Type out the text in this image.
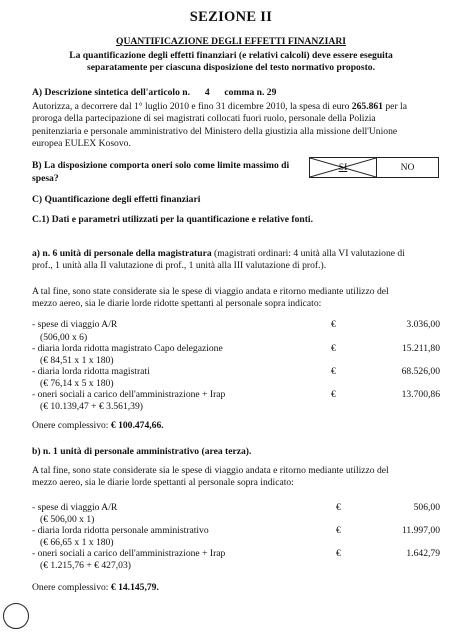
SEZIONE II
QUANTIFICAZIONE DEGLI EFFETTI FINANZIARI
La quantificazione degli effetti finanziari (e relativi calcoli) deve essere eseguita
separatamente per ciascuna disposizione del testo normativo proposto.
A) Descrizione sintetica dell'articolo n. 4 comma n. 29
Autorizza, a decorrere dal 1° luglio 2010 e fino 31 dicembre 2010, la spesa di euro 265.861 per la
proroga della partecipazione di sei magistrati collocati fuori ruolo, personale della Polizia
penitenziaria e personale amministrativo del Ministero della giustizia alla missione dell'Unione
europea EULEX Kosovo.
B) La disposizione comporta oneri solo come limite massimo di
spesa?
SI	NO
C) Quantificazione degli effetti finanziari
C.1) Dati e parametri utilizzati per la quantificazione e relative fonti.
a) n. 6 unità di personale della magistratura (magistrati ordinari: 4 unità alla VI valutazione di
prof., 1 unità alla II valutazione di prof., 1 unità alla III valutazione di prof.).
A tal fine, sono state considerate sia le spese di viaggio andata e ritorno mediante utilizzo del
mezzo aereo, sia le diarie lorde ridotte spettanti al personale sopra indicato:
- spese di viaggio A/R
(506,00 x 6)
€	3.036,00
- diaria lorda ridotta magistrato Capo delegazione
(€ 84,51 x 1 x 180)
€	15.211,80
- diaria lorda ridotta magistrati
(€ 76,14 x 5 x 180)
€	68.526,00
- oneri sociali a carico dell'amministrazione + Irap
(€ 10.139,47 + € 3.561,39)
€	13.700,86
Onere complessivo: € 100.474,66.
b) n. 1 unità di personale amministrativo (area terza).
A tal fine, sono state considerate sia le spese di viaggio andata e ritorno mediante utilizzo del
mezzo aereo, sia le diarie lorde spettanti al personale sopra indicato:
- spese di viaggio A/R
(€ 506,00 x 1)
€	506,00
- diaria lorda ridotta personale amministrativo
(€ 66,65 x 1 x 180)
€	11.997,00
- oneri sociali a carico dell'amministrazione + Irap
(€ 1.215,76 + € 427,03)
€	1.642,79
Onere complessivo: € 14.145,79.
